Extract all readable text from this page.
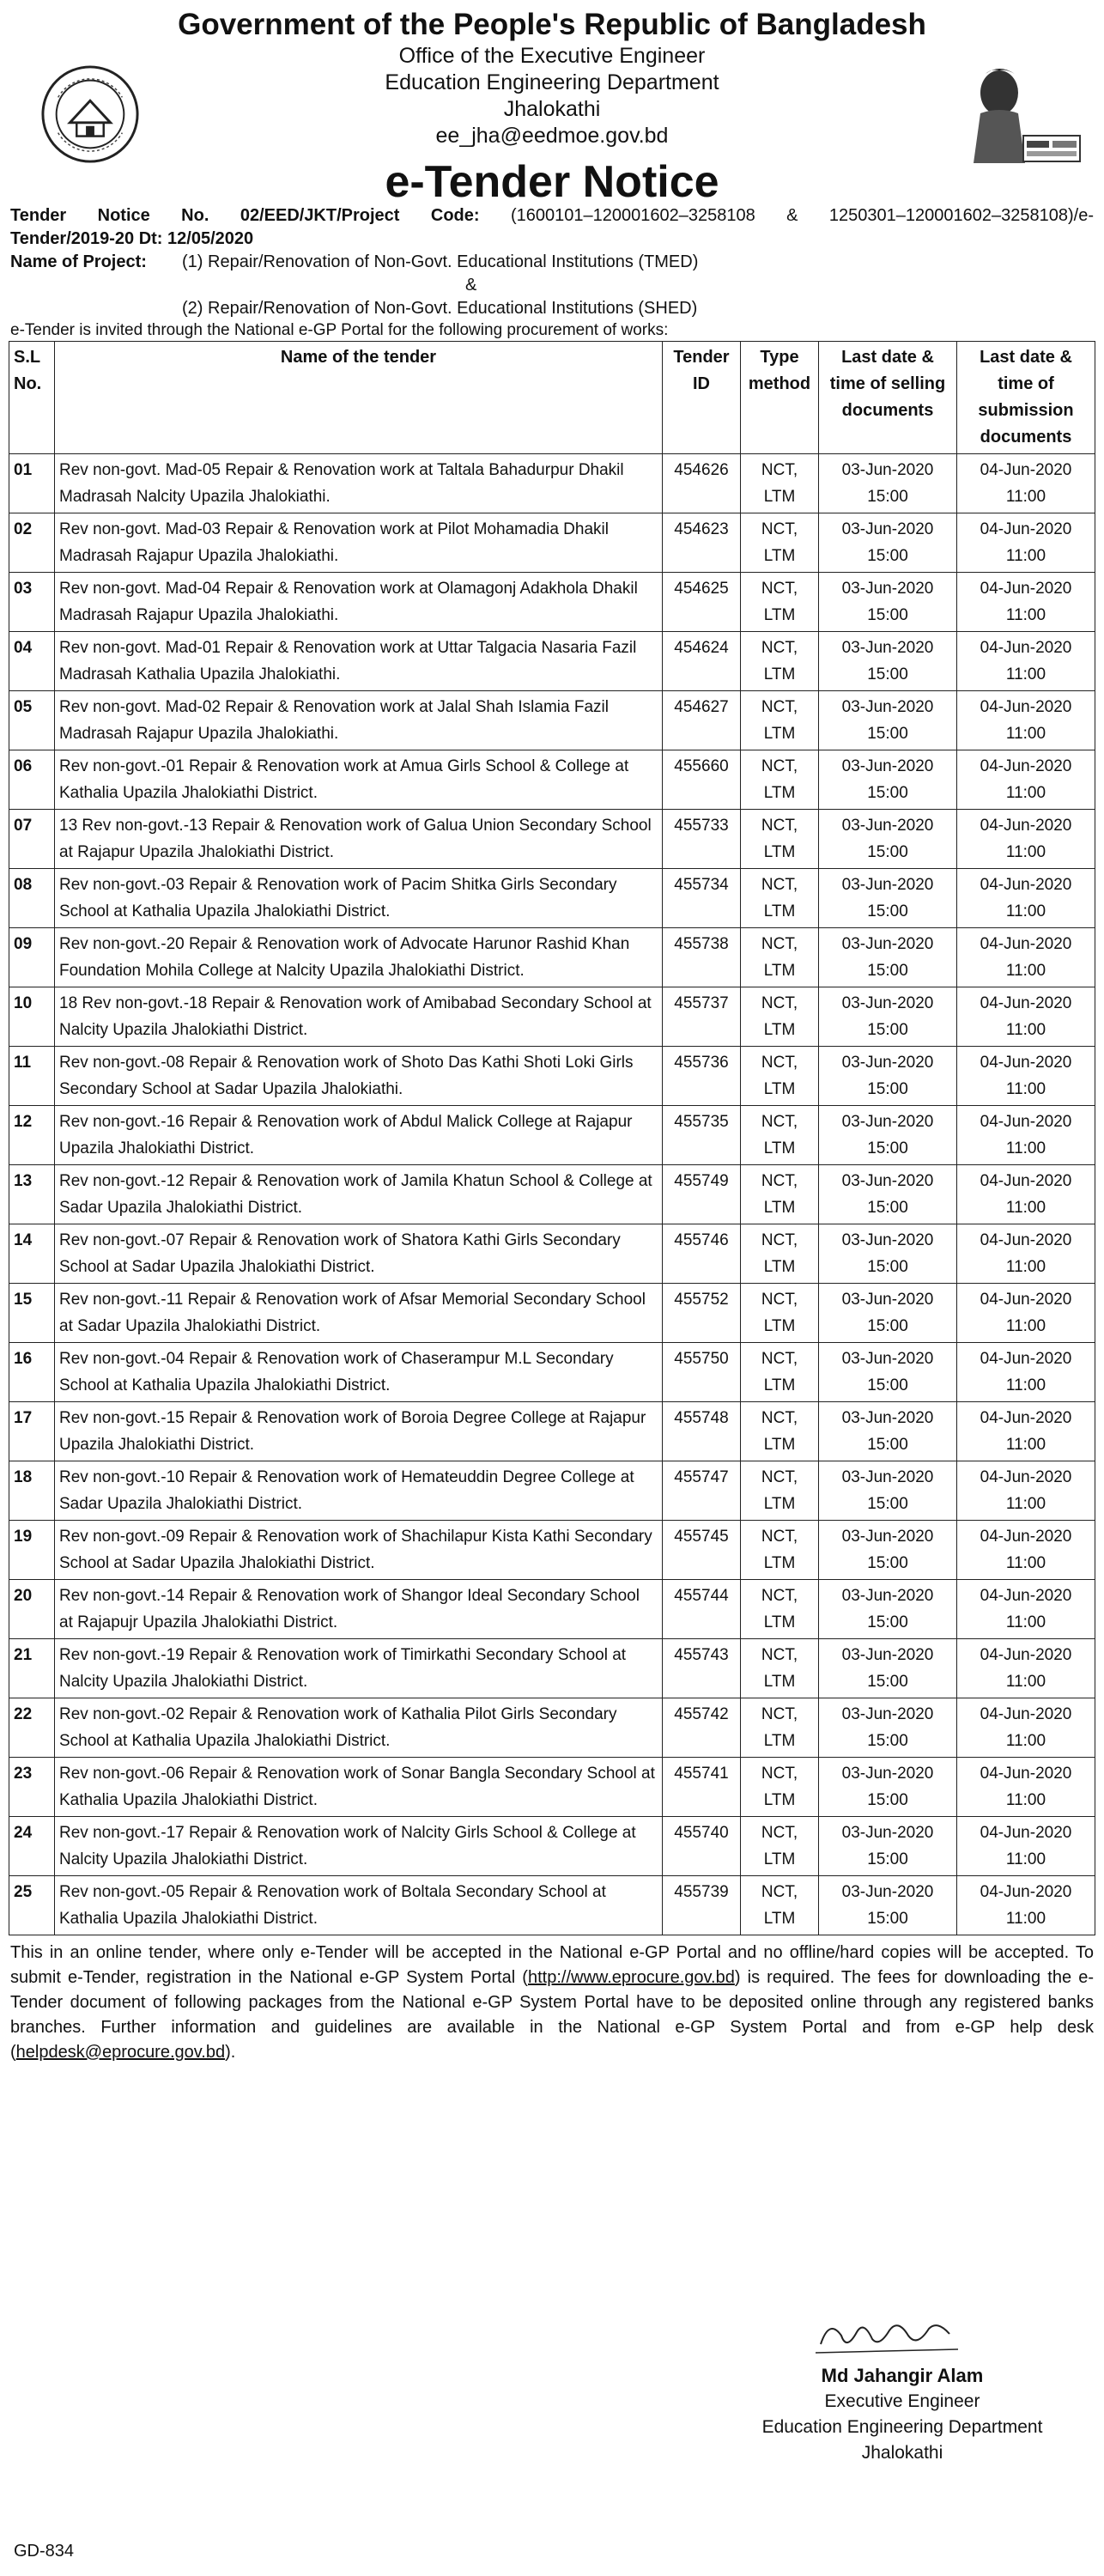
Government of the People's Republic of Bangladesh

Office of the Executive Engineer

Education Engineering Department

Jhalokathi

ee_jha@eedmoe.gov.bd

e-Tender Notice

Tender Notice No. 02/EED/JKT/Project Code: (1600101–120001602–3258108 & 1250301–120001602–3258108)/e-
Tender/2019-20 Dt: 12/05/2020
Name of Project:	(1) Repair/Renovation of Non-Govt. Educational Institutions (TMED)
&
(2) Repair/Renovation of Non-Govt. Educational Institutions (SHED)
e-Tender is invited through the National e-GP Portal for the following procurement of works:
S.L No.	Name of the tender	Tender ID	Type method	Last date & time of selling documents	Last date & time of submission documents
01	Rev non-govt. Mad-05 Repair & Renovation work at Taltala Bahadurpur Dhakil Madrasah Nalcity Upazila Jhalokiathi.	454626	NCT, LTM	03-Jun-2020 15:00	04-Jun-2020 11:00
02	Rev non-govt. Mad-03 Repair & Renovation work at Pilot Mohamadia Dhakil Madrasah Rajapur Upazila Jhalokiathi.	454623	NCT, LTM	03-Jun-2020 15:00	04-Jun-2020 11:00
03	Rev non-govt. Mad-04 Repair & Renovation work at Olamagonj Adakhola Dhakil Madrasah Rajapur Upazila Jhalokiathi.	454625	NCT, LTM	03-Jun-2020 15:00	04-Jun-2020 11:00
04	Rev non-govt. Mad-01 Repair & Renovation work at Uttar Talgacia Nasaria Fazil Madrasah Kathalia Upazila Jhalokiathi.	454624	NCT, LTM	03-Jun-2020 15:00	04-Jun-2020 11:00
05	Rev non-govt. Mad-02 Repair & Renovation work at Jalal Shah Islamia Fazil Madrasah Rajapur Upazila Jhalokiathi.	454627	NCT, LTM	03-Jun-2020 15:00	04-Jun-2020 11:00
06	Rev non-govt.-01 Repair & Renovation work at Amua Girls School & College at Kathalia Upazila Jhalokiathi District.	455660	NCT, LTM	03-Jun-2020 15:00	04-Jun-2020 11:00
07	13 Rev non-govt.-13 Repair & Renovation work of Galua Union Secondary School at Rajapur Upazila Jhalokiathi District.	455733	NCT, LTM	03-Jun-2020 15:00	04-Jun-2020 11:00
08	Rev non-govt.-03 Repair & Renovation work of Pacim Shitka Girls Secondary School at Kathalia Upazila Jhalokiathi District.	455734	NCT, LTM	03-Jun-2020 15:00	04-Jun-2020 11:00
09	Rev non-govt.-20 Repair & Renovation work of Advocate Harunor Rashid Khan Foundation Mohila College at Nalcity Upazila Jhalokiathi District.	455738	NCT, LTM	03-Jun-2020 15:00	04-Jun-2020 11:00
10	18 Rev non-govt.-18 Repair & Renovation work of Amibabad Secondary School at Nalcity Upazila Jhalokiathi District.	455737	NCT, LTM	03-Jun-2020 15:00	04-Jun-2020 11:00
11	Rev non-govt.-08 Repair & Renovation work of Shoto Das Kathi Shoti Loki Girls Secondary School at Sadar Upazila Jhalokiathi.	455736	NCT, LTM	03-Jun-2020 15:00	04-Jun-2020 11:00
12	Rev non-govt.-16 Repair & Renovation work of Abdul Malick College at Rajapur Upazila Jhalokiathi District.	455735	NCT, LTM	03-Jun-2020 15:00	04-Jun-2020 11:00
13	Rev non-govt.-12 Repair & Renovation work of Jamila Khatun School & College at Sadar Upazila Jhalokiathi District.	455749	NCT, LTM	03-Jun-2020 15:00	04-Jun-2020 11:00
14	Rev non-govt.-07 Repair & Renovation work of Shatora Kathi Girls Secondary School at Sadar Upazila Jhalokiathi District.	455746	NCT, LTM	03-Jun-2020 15:00	04-Jun-2020 11:00
15	Rev non-govt.-11 Repair & Renovation work of Afsar Memorial Secondary School at Sadar Upazila Jhalokiathi District.	455752	NCT, LTM	03-Jun-2020 15:00	04-Jun-2020 11:00
16	Rev non-govt.-04 Repair & Renovation work of Chaserampur M.L Secondary School at Kathalia Upazila Jhalokiathi District.	455750	NCT, LTM	03-Jun-2020 15:00	04-Jun-2020 11:00
17	Rev non-govt.-15 Repair & Renovation work of Boroia Degree College at Rajapur Upazila Jhalokiathi District.	455748	NCT, LTM	03-Jun-2020 15:00	04-Jun-2020 11:00
18	Rev non-govt.-10 Repair & Renovation work of Hemateuddin Degree College at Sadar Upazila Jhalokiathi District.	455747	NCT, LTM	03-Jun-2020 15:00	04-Jun-2020 11:00
19	Rev non-govt.-09 Repair & Renovation work of Shachilapur Kista Kathi Secondary School at Sadar Upazila Jhalokiathi District.	455745	NCT, LTM	03-Jun-2020 15:00	04-Jun-2020 11:00
20	Rev non-govt.-14 Repair & Renovation work of Shangor Ideal Secondary School at Rajapujr Upazila Jhalokiathi District.	455744	NCT, LTM	03-Jun-2020 15:00	04-Jun-2020 11:00
21	Rev non-govt.-19 Repair & Renovation work of Timirkathi Secondary School at Nalcity Upazila Jhalokiathi District.	455743	NCT, LTM	03-Jun-2020 15:00	04-Jun-2020 11:00
22	Rev non-govt.-02 Repair & Renovation work of Kathalia Pilot Girls Secondary School at Kathalia Upazila Jhalokiathi District.	455742	NCT, LTM	03-Jun-2020 15:00	04-Jun-2020 11:00
23	Rev non-govt.-06 Repair & Renovation work of Sonar Bangla Secondary School at Kathalia Upazila Jhalokiathi District.	455741	NCT, LTM	03-Jun-2020 15:00	04-Jun-2020 11:00
24	Rev non-govt.-17 Repair & Renovation work of Nalcity Girls School & College at Nalcity Upazila Jhalokiathi District.	455740	NCT, LTM	03-Jun-2020 15:00	04-Jun-2020 11:00
25	Rev non-govt.-05 Repair & Renovation work of Boltala Secondary School at Kathalia Upazila Jhalokiathi District.	455739	NCT, LTM	03-Jun-2020 15:00	04-Jun-2020 11:00
This in an online tender, where only e-Tender will be accepted in the National e-GP Portal and no offline/hard copies will be accepted. To submit e-Tender, registration in the National e-GP System Portal (http://www.eprocure.gov.bd) is required. The fees for downloading the e-Tender document of following packages from the National e-GP System Portal have to be deposited online through any registered banks branches. Further information and guidelines are available in the National e-GP System Portal and from e-GP help desk (helpdesk@eprocure.gov.bd).
Md Jahangir Alam
Executive Engineer
Education Engineering Department
Jhalokathi
GD-834
